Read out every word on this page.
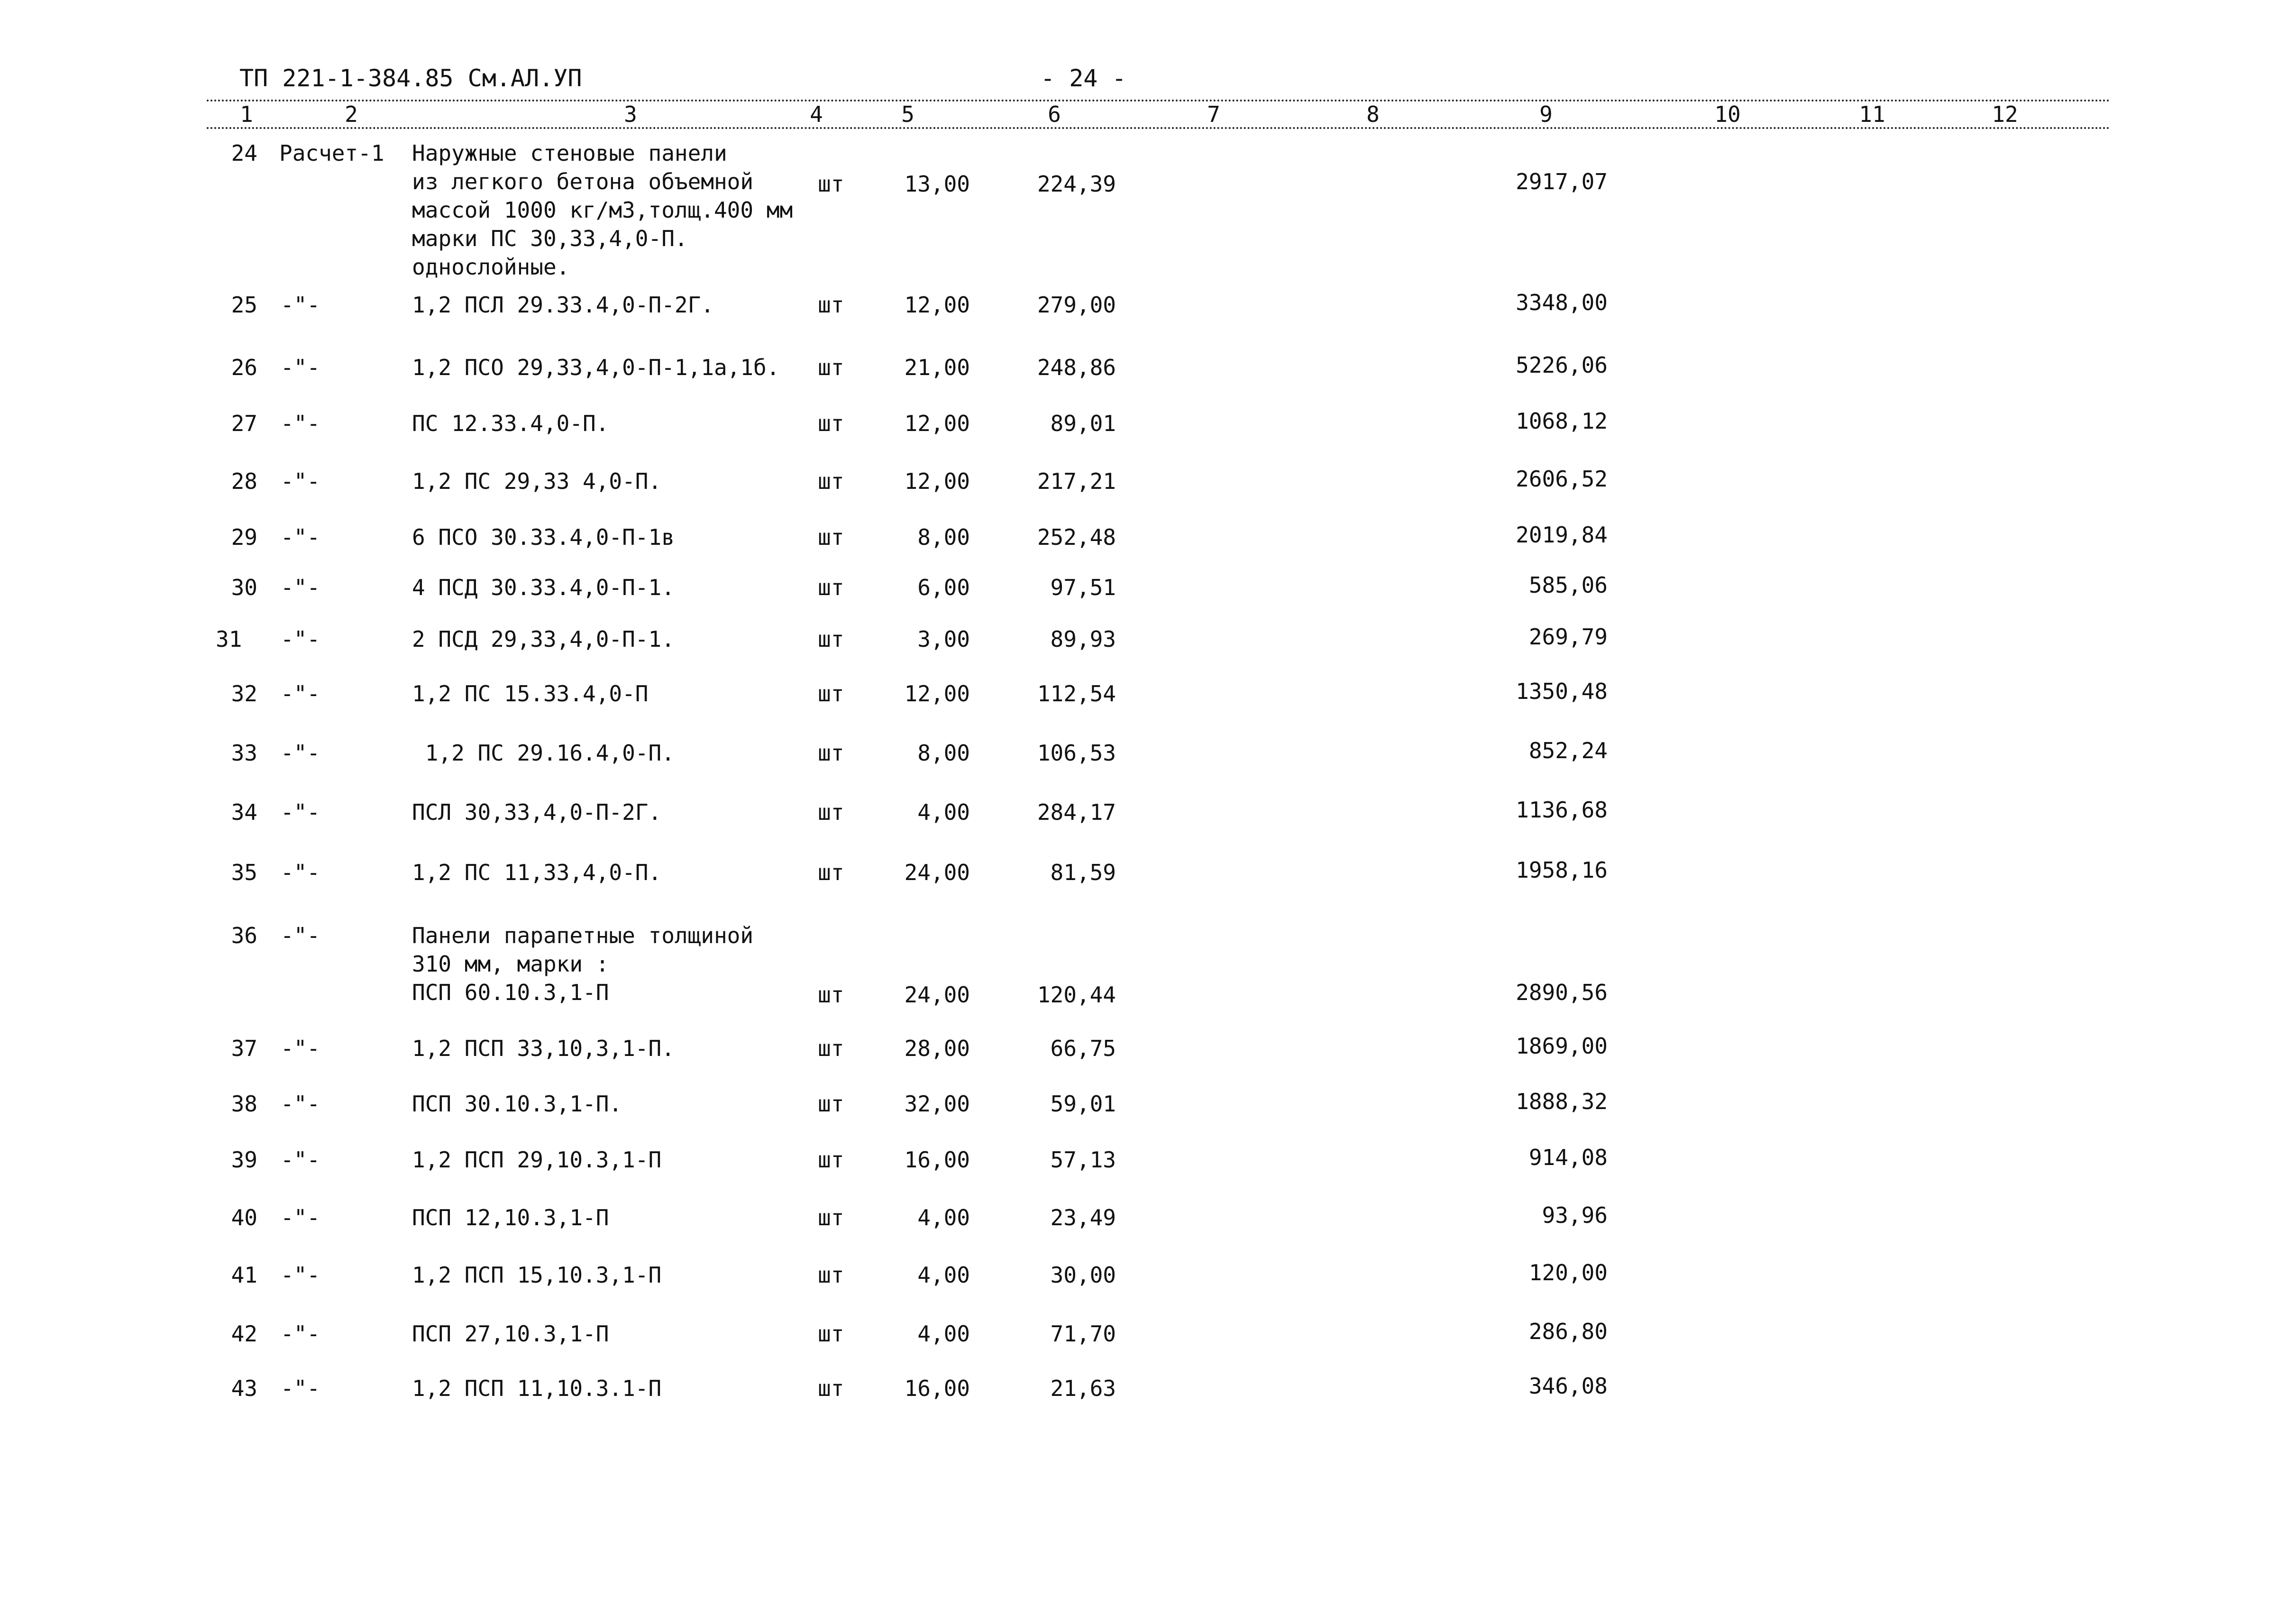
ТП 221-1-384.85 См.АЛ.УП	- 24 -
1	2	3	4	5	6	7	8	9	10	11	12
24 Расчет-1 Наружные стеновые панели
из легкого бетона объемной
массой 1000 кг/м3,толщ.400 мм
марки ПС 30,33,4,0-П.
однослойные.
шт	13,00	224,39	2917,07
25 -"-	1,2 ПСЛ 29.33.4,0-П-2Г.	шт	12,00	279,00	3348,00
26 -"-	1,2 ПСО 29,33,4,0-П-1,1а,1б. шт	21,00	248,86	5226,06
27 -"-	ПС 12.33.4,0-П.	шт	12,00	89,01	1068,12
28 -"-	1,2 ПС 29,33 4,0-П.	шт	12,00	217,21	2606,52
29 -"-	6 ПСО 30.33.4,0-П-1в	шт	8,00	252,48	2019,84
30 -"-	4 ПСД 30.33.4,0-П-1.	шт	6,00	97,51	585,06
31 -"-	2 ПСД 29,33,4,0-П-1.	шт	3,00	89,93	269,79
32 -"-	1,2 ПС 15.33.4,0-П	шт	12,00	112,54	1350,48
33 -"-	1,2 ПС 29.16.4,0-П.	шт	8,00	106,53	852,24
34 -"-	ПСЛ 30,33,4,0-П-2Г.	шт	4,00	284,17	1136,68
35 -"-	1,2 ПС 11,33,4,0-П.	шт	24,00	81,59	1958,16
36 -"-	Панели парапетные толщиной
310 мм, марки :
ПСП 60.10.3,1-П	шт	24,00	120,44	2890,56
37 -"-	1,2 ПСП 33,10,3,1-П.	шт	28,00	66,75	1869,00
38 -"-	ПСП 30.10.3,1-П.	шт	32,00	59,01	1888,32
39 -"-	1,2 ПСП 29,10.3,1-П	шт	16,00	57,13	914,08
40 -"-	ПСП 12,10.3,1-П	шт	4,00	23,49	93,96
41 -"-	1,2 ПСП 15,10.3,1-П	шт	4,00	30,00	120,00
42 -"-	ПСП 27,10.3,1-П	шт	4,00	71,70	286,80
43 -"-	1,2 ПСП 11,10.3.1-П	шт	16,00	21,63	346,08
